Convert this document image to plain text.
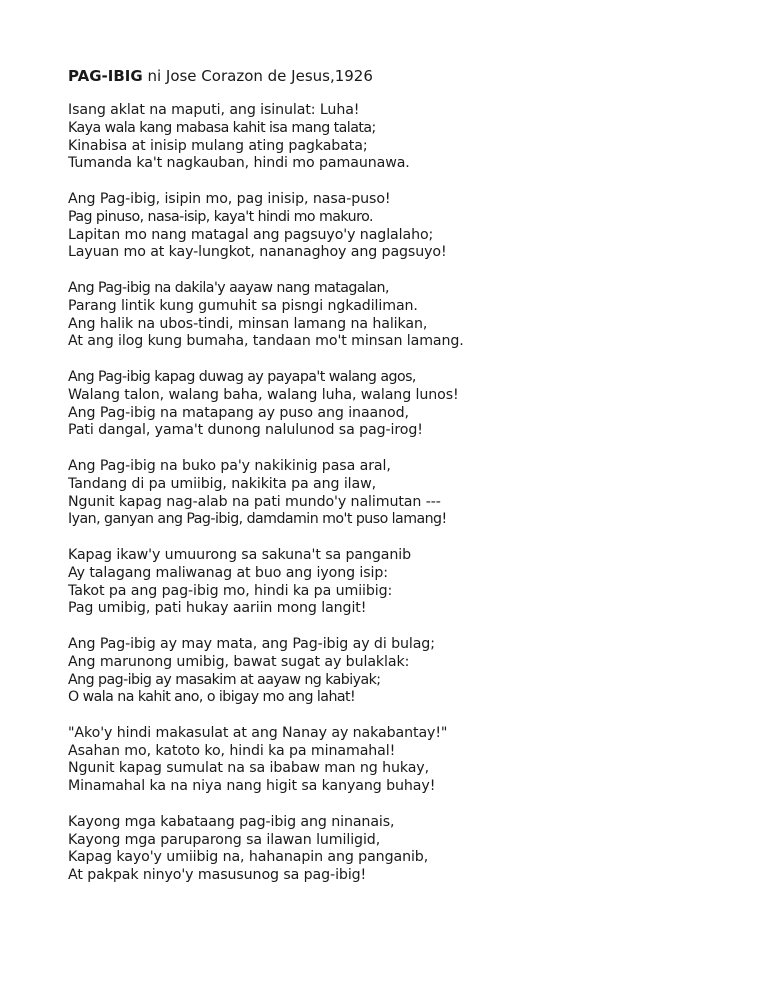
PAG-IBIG ni Jose Corazon de Jesus,1926
Isang aklat na maputi, ang isinulat: Luha!
Kaya wala kang mabasa kahit isa mang talata;
Kinabisa at inisip mulang ating pagkabata;
Tumanda ka't nagkauban, hindi mo pamaunawa.
Ang Pag-ibig, isipin mo, pag inisip, nasa-puso!
Pag pinuso, nasa-isip, kaya't hindi mo makuro.
Lapitan mo nang matagal ang pagsuyo'y naglalaho;
Layuan mo at kay-lungkot, nananaghoy ang pagsuyo!
Ang Pag-ibig na dakila'y aayaw nang matagalan,
Parang lintik kung gumuhit sa pisngi ngkadiliman.
Ang halik na ubos-tindi, minsan lamang na halikan,
At ang ilog kung bumaha, tandaan mo't minsan lamang.
Ang Pag-ibig kapag duwag ay payapa't walang agos,
Walang talon, walang baha, walang luha, walang lunos!
Ang Pag-ibig na matapang ay puso ang inaanod,
Pati dangal, yama't dunong nalulunod sa pag-irog!
Ang Pag-ibig na buko pa'y nakikinig pasa aral,
Tandang di pa umiibig, nakikita pa ang ilaw,
Ngunit kapag nag-alab na pati mundo'y nalimutan ---
Iyan, ganyan ang Pag-ibig, damdamin mo't puso lamang!
Kapag ikaw'y umuurong sa sakuna't sa panganib
Ay talagang maliwanag at buo ang iyong isip:
Takot pa ang pag-ibig mo, hindi ka pa umiibig:
Pag umibig, pati hukay aariin mong langit!
Ang Pag-ibig ay may mata, ang Pag-ibig ay di bulag;
Ang marunong umibig, bawat sugat ay bulaklak:
Ang pag-ibig ay masakim at aayaw ng kabiyak;
O wala na kahit ano, o ibigay mo ang lahat!
"Ako'y hindi makasulat at ang Nanay ay nakabantay!"
Asahan mo, katoto ko, hindi ka pa minamahal!
Ngunit kapag sumulat na sa ibabaw man ng hukay,
Minamahal ka na niya nang higit sa kanyang buhay!
Kayong mga kabataang pag-ibig ang ninanais,
Kayong mga paruparong sa ilawan lumiligid,
Kapag kayo'y umiibig na, hahanapin ang panganib,
At pakpak ninyo'y masusunog sa pag-ibig!
